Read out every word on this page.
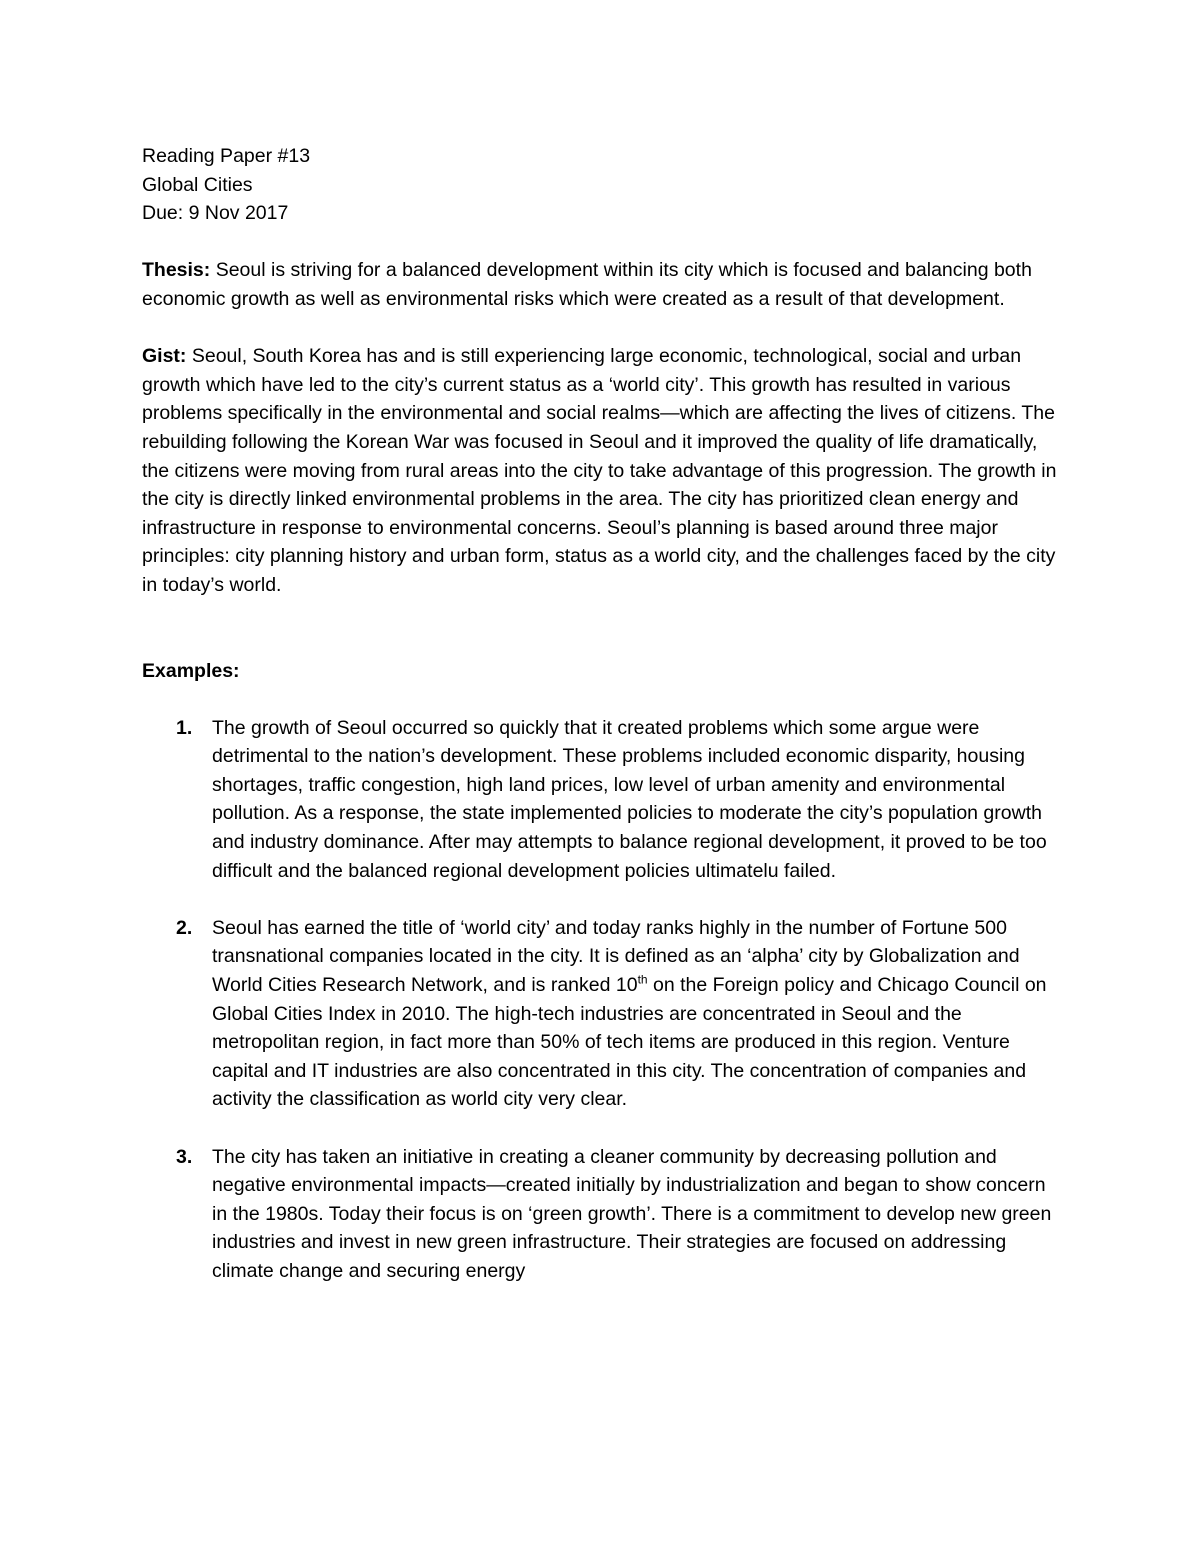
Reading Paper #13
Global Cities
Due: 9 Nov 2017

Thesis: Seoul is striving for a balanced development within its city which is focused and balancing both economic growth as well as environmental risks which were created as a result of that development.

Gist: Seoul, South Korea has and is still experiencing large economic, technological, social and urban growth which have led to the city’s current status as a ‘world city’. This growth has resulted in various problems specifically in the environmental and social realms—which are affecting the lives of citizens. The rebuilding following the Korean War was focused in Seoul and it improved the quality of life dramatically, the citizens were moving from rural areas into the city to take advantage of this progression. The growth in the city is directly linked environmental problems in the area. The city has prioritized clean energy and infrastructure in response to environmental concerns. Seoul’s planning is based around three major principles: city planning history and urban form, status as a world city, and the challenges faced by the city in today’s world.

Examples:

1. The growth of Seoul occurred so quickly that it created problems which some argue were detrimental to the nation’s development. These problems included economic disparity, housing shortages, traffic congestion, high land prices, low level of urban amenity and environmental pollution. As a response, the state implemented policies to moderate the city’s population growth and industry dominance. After may attempts to balance regional development, it proved to be too difficult and the balanced regional development policies ultimatelu failed.
2. Seoul has earned the title of ‘world city’ and today ranks highly in the number of Fortune 500 transnational companies located in the city. It is defined as an ‘alpha’ city by Globalization and World Cities Research Network, and is ranked 10th on the Foreign policy and Chicago Council on Global Cities Index in 2010. The high-tech industries are concentrated in Seoul and the metropolitan region, in fact more than 50% of tech items are produced in this region. Venture capital and IT industries are also concentrated in this city. The concentration of companies and activity the classification as world city very clear.
3. The city has taken an initiative in creating a cleaner community by decreasing pollution and negative environmental impacts—created initially by industrialization and began to show concern in the 1980s. Today their focus is on ‘green growth’. There is a commitment to develop new green industries and invest in new green infrastructure. Their strategies are focused on addressing climate change and securing energy
